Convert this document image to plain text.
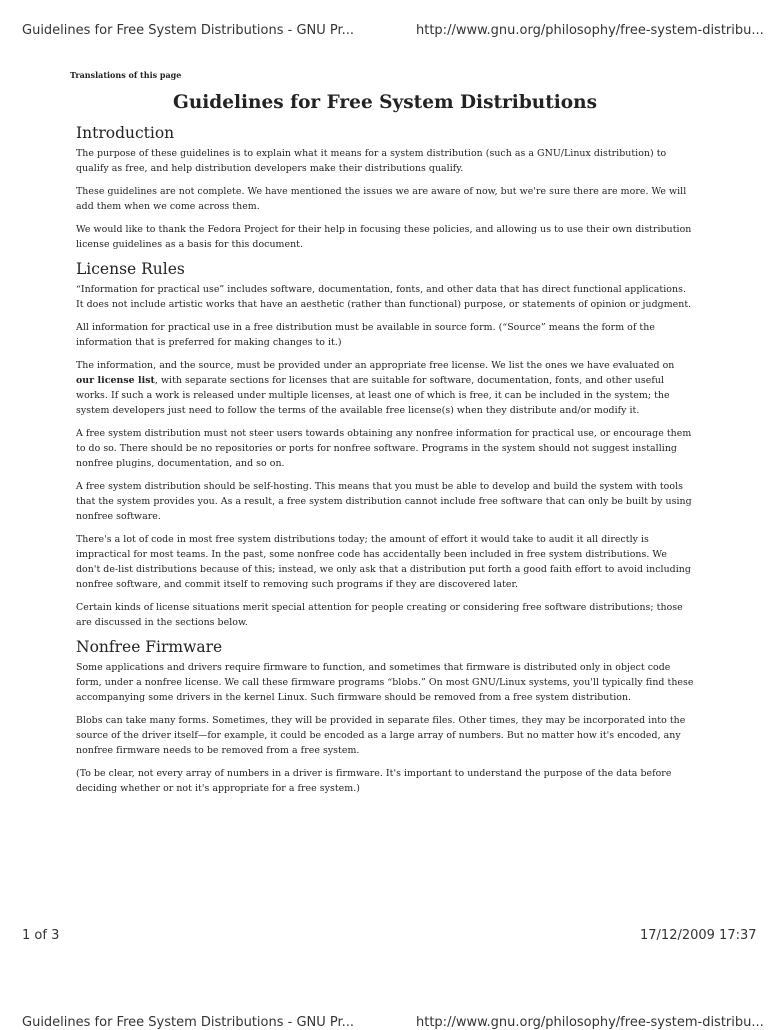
Guidelines for Free System Distributions - GNU Pr...	http://www.gnu.org/philosophy/free-system-distribu...
Translations of this page
Guidelines for Free System Distributions
Introduction

The purpose of these guidelines is to explain what it means for a system distribution (such as a GNU/Linux distribution) to qualify as free, and help distribution developers make their distributions qualify.

These guidelines are not complete. We have mentioned the issues we are aware of now, but we're sure there are more. We will add them when we come across them.

We would like to thank the Fedora Project for their help in focusing these policies, and allowing us to use their own distribution license guidelines as a basis for this document.

License Rules

“Information for practical use” includes software, documentation, fonts, and other data that has direct functional applications. It does not include artistic works that have an aesthetic (rather than functional) purpose, or statements of opinion or judgment.

All information for practical use in a free distribution must be available in source form. (“Source” means the form of the information that is preferred for making changes to it.)

The information, and the source, must be provided under an appropriate free license. We list the ones we have evaluated on our license list, with separate sections for licenses that are suitable for software, documentation, fonts, and other useful works. If such a work is released under multiple licenses, at least one of which is free, it can be included in the system; the system developers just need to follow the terms of the available free license(s) when they distribute and/or modify it.

A free system distribution must not steer users towards obtaining any nonfree information for practical use, or encourage them to do so. There should be no repositories or ports for nonfree software. Programs in the system should not suggest installing nonfree plugins, documentation, and so on.

A free system distribution should be self-hosting. This means that you must be able to develop and build the system with tools that the system provides you. As a result, a free system distribution cannot include free software that can only be built by using nonfree software.

There's a lot of code in most free system distributions today; the amount of effort it would take to audit it all directly is impractical for most teams. In the past, some nonfree code has accidentally been included in free system distributions. We don't de-list distributions because of this; instead, we only ask that a distribution put forth a good faith effort to avoid including nonfree software, and commit itself to removing such programs if they are discovered later.

Certain kinds of license situations merit special attention for people creating or considering free software distributions; those are discussed in the sections below.

Nonfree Firmware

Some applications and drivers require firmware to function, and sometimes that firmware is distributed only in object code form, under a nonfree license. We call these firmware programs “blobs.” On most GNU/Linux systems, you'll typically find these accompanying some drivers in the kernel Linux. Such firmware should be removed from a free system distribution.

Blobs can take many forms. Sometimes, they will be provided in separate files. Other times, they may be incorporated into the source of the driver itself—for example, it could be encoded as a large array of numbers. But no matter how it's encoded, any nonfree firmware needs to be removed from a free system.

(To be clear, not every array of numbers in a driver is firmware. It's important to understand the purpose of the data before deciding whether or not it's appropriate for a free system.)

1 of 3	17/12/2009 17:37
Guidelines for Free System Distributions - GNU Pr...	http://www.gnu.org/philosophy/free-system-distribu...
